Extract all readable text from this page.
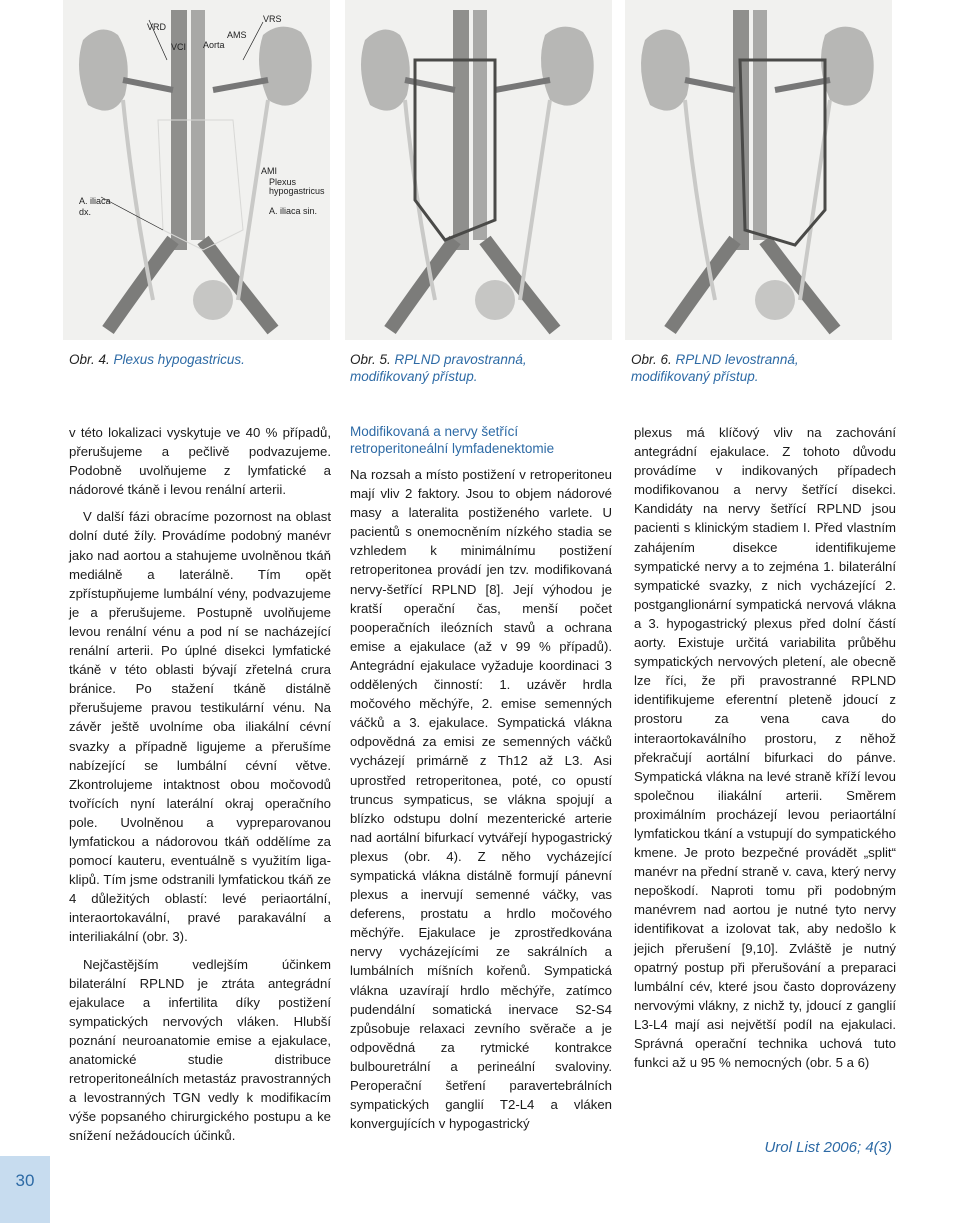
VRD
VRS
VCI Aorta
AMS
AMI
Plexus
hypogastricus
A. iliaca sin.
A. iliaca
dx.
Obr. 4. Plexus hypogastricus.	Obr. 5. RPLND pravostranná, modifikovaný přístup.
Obr. 6. RPLND levostranná, modifikovaný přístup.

v této lokalizaci vyskytuje ve 40 % případů, přerušujeme a pečlivě podvazujeme. Podobně uvolňujeme z lymfatické a nádorové tkáně i levou renální arterii.

V další fázi obracíme pozornost na oblast dolní duté žíly. Provádíme podobný manévr jako nad aortou a stahujeme uvolněnou tkáň mediálně a laterálně. Tím opět zpřístupňujeme lumbální vény, podvazujeme je a přerušujeme. Postupně uvolňujeme levou renální vénu a pod ní se nacházející renální arterii. Po úplné disekci lymfatické tkáně v této oblasti bývají zřetelná crura bránice. Po stažení tkáně distálně přerušujeme pravou testikulární vénu. Na závěr ještě uvolníme oba iliakální cévní svazky a případně ligujeme a přerušíme nabízející se lumbální cévní větve. Zkontrolujeme intaktnost obou močovodů tvořících nyní laterální okraj operačního pole. Uvolněnou a vypreparovanou lymfatickou a nádorovou tkáň oddělíme za pomocí kauteru, eventuálně s využitím liga-klipů. Tím jsme odstranili lymfatickou tkáň ze 4 důležitých oblastí: levé periaortální, interaortokavální, pravé parakavální a interiliakální (obr. 3).

Nejčastějším vedlejším účinkem bilaterální RPLND je ztráta antegrádní ejakulace a infertilita díky postižení sympatických nervových vláken. Hlubší poznání neuroanatomie emise a ejakulace, anatomické studie distribuce retroperitoneálních metastáz pravostranných a levostranných TGN vedly k modifikacím výše popsaného chirurgického postupu a ke snížení nežádoucích účinků.

Modifikovaná a nervy šetřící retroperitoneální lymfadenektomie

Na rozsah a místo postižení v retroperitoneu mají vliv 2 faktory. Jsou to objem nádorové masy a lateralita postiženého varlete. U pacientů s onemocněním nízkého stadia se vzhledem k minimálnímu postižení retroperitonea provádí jen tzv. modifikovaná nervy-šetřící RPLND [8]. Její výhodou je kratší operační čas, menší počet pooperačních ileózních stavů a ochrana emise a ejakulace (až v 99 % případů). Antegrádní ejakulace vyžaduje koordinaci 3 oddělených činností: 1. uzávěr hrdla močového měchýře, 2. emise semenných váčků a 3. ejakulace. Sympatická vlákna odpovědná za emisi ze semenných váčků vycházejí primárně z Th12 až L3. Asi uprostřed retroperitonea, poté, co opustí truncus sympaticus, se vlákna spojují a blízko odstupu dolní mezenterické arterie nad aortální bifurkací vytvářejí hypogastrický plexus (obr. 4). Z něho vycházející sympatická vlákna distálně formují pánevní plexus a inervují semenné váčky, vas deferens, prostatu a hrdlo močového měchýře. Ejakulace je zprostředkována nervy vycházejícími ze sakrálních a lumbálních míšních kořenů. Sympatická vlákna uzavírají hrdlo měchýře, zatímco pudendální somatická inervace S2-S4 způsobuje relaxaci zevního svěrače a je odpovědná za rytmické kontrakce bulbouretrální a perineální svaloviny. Peroperační šetření paravertebrálních sympatických ganglií T2-L4 a vláken konvergujících v hypogastrický

plexus má klíčový vliv na zachování antegrádní ejakulace. Z tohoto důvodu provádíme v indikovaných případech modifikovanou a nervy šetřící disekci. Kandidáty na nervy šetřící RPLND jsou pacienti s klinickým stadiem I. Před vlastním zahájením disekce identifikujeme sympatické nervy a to zejména 1. bilaterální sympatické svazky, z nich vycházející 2. postganglionární sympatická nervová vlákna a 3. hypogastrický plexus před dolní částí aorty. Existuje určitá variabilita průběhu sympatických nervových pletení, ale obecně lze říci, že při pravostranné RPLND identifikujeme eferentní pleteně jdoucí z prostoru za vena cava do interaortokaválního prostoru, z něhož překračují aortální bifurkaci do pánve. Sympatická vlákna na levé straně kříží levou společnou iliakální arterii. Směrem proximálním procházejí levou periaortální lymfatickou tkání a vstupují do sympatického kmene. Je proto bezpečné provádět „split“ manévr na přední straně v. cava, který nervy nepoškodí. Naproti tomu při podobným manévrem nad aortou je nutné tyto nervy identifikovat a izolovat tak, aby nedošlo k jejich přerušení [9,10]. Zvláště je nutný opatrný postup při přerušování a preparaci lumbální cév, které jsou často doprovázeny nervovými vlákny, z nichž ty, jdoucí z ganglií L3-L4 mají asi největší podíl na ejakulaci. Správná operační technika uchová tuto funkci až u 95 % nemocných (obr. 5 a 6)

Urol List 2006; 4(3)
30
